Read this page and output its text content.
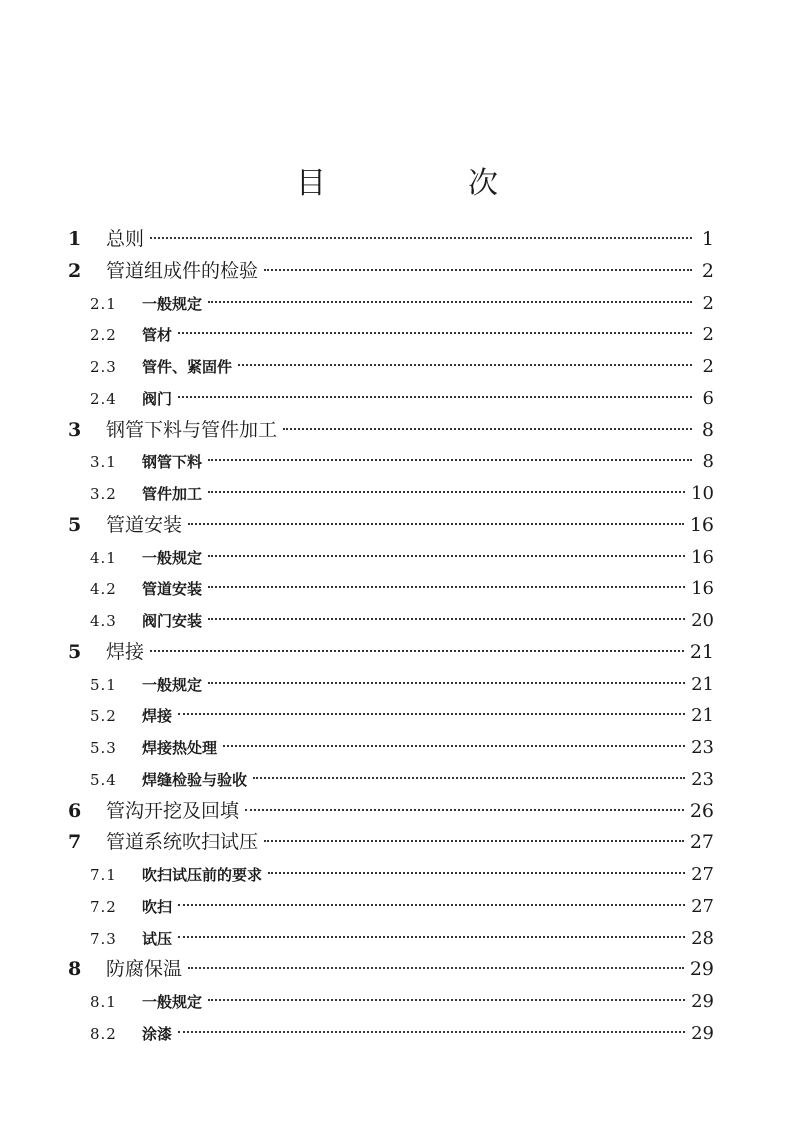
目　次
1	总则	1
2	管道组成件的检验	2
2.1	一般规定	2
2.2	管材	2
2.3	管件、紧固件	2
2.4	阀门	6
3	钢管下料与管件加工	8
3.1	钢管下料	8
3.2	管件加工	10
5	管道安装	16
4.1	一般规定	16
4.2	管道安装	16
4.3	阀门安装	20
5	焊接	21
5.1	一般规定	21
5.2	焊接	21
5.3	焊接热处理	23
5.4	焊缝检验与验收	23
6	管沟开挖及回填	26
7	管道系统吹扫试压	27
7.1	吹扫试压前的要求	27
7.2	吹扫	27
7.3	试压	28
8	防腐保温	29
8.1	一般规定	29
8.2	涂漆	29
